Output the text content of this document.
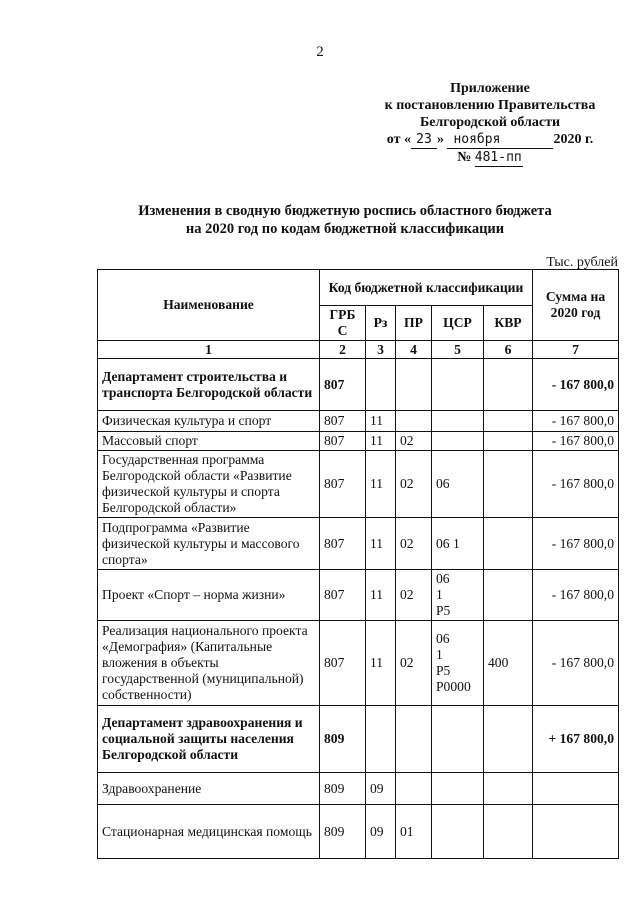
2
Приложение
к постановлению Правительства
Белгородской области
от « 23 » ноября	2020 г.
№ 481-пп
Изменения в сводную бюджетную роспись областного бюджета
на 2020 год по кодам бюджетной классификации
Тыс. рублей
Наименование	Код бюджетной классификации					Сумма на 2020 год
	ГРБ С	Рз	ПР	ЦСР	КВР	
1	2	3	4	5	6	7
Департамент строительства и транспорта Белгородской области	807					- 167 800,0
Физическая культура и спорт	807	11				- 167 800,0
Массовый спорт	807	11	02			- 167 800,0
Государственная программа Белгородской области «Развитие физической культуры и спорта Белгородской области»	807	11	02	06		- 167 800,0
Подпрограмма «Развитие физической культуры и массового спорта»	807	11	02	06 1		- 167 800,0
Проект «Спорт – норма жизни»	807	11	02	06 1 P5		- 167 800,0
Реализация национального проекта «Демография» (Капитальные вложения в объекты государственной (муниципальной) собственности)	807	11	02	06 1 P5 P0000	400	- 167 800,0
Департамент здравоохранения и социальной защиты населения Белгородской области	809					+ 167 800,0
Здравоохранение	809	09				
Стационарная медицинская помощь	809	09	01			
